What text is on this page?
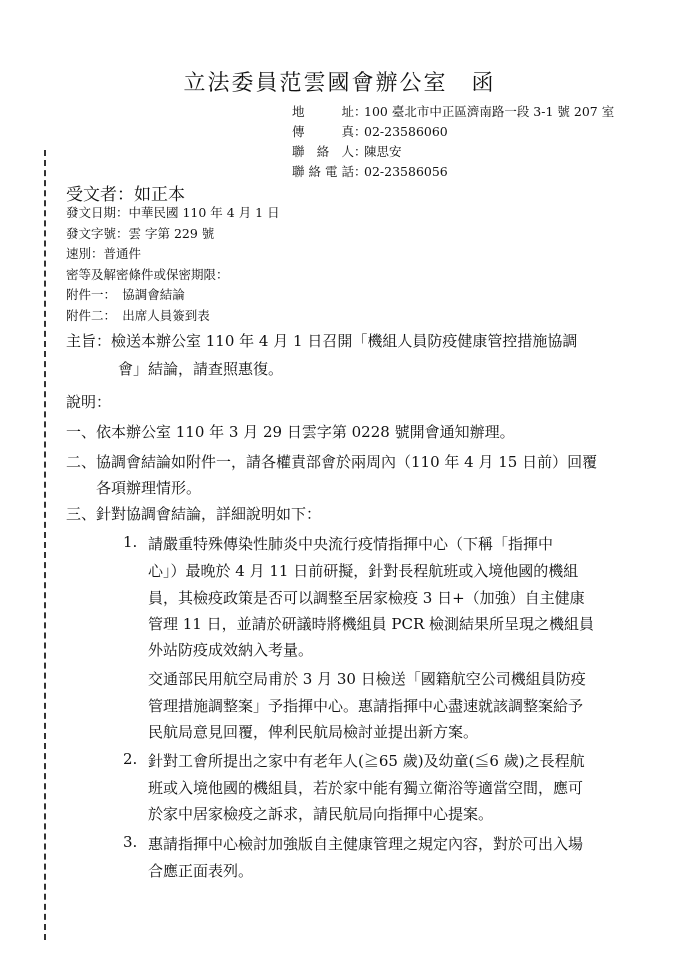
立法委員范雲國會辦公室　函
地址 ：
100 臺北市中正區濟南路一段 3-1 號 207 室
傳真 ：
02-23586060
聯絡人 ：
陳思安
聯絡電話 ：
02-23586056
受文者：如正本
發文日期：中華民國 110 年 4 月 1 日
發文字號：雲 字第 229 號
速別：普通件
密等及解密條件或保密期限：
附件一：　協調會結論
附件二：　出席人員簽到表
主旨：檢送本辦公室 110 年 4 月 1 日召開「機組人員防疫健康管控措施協調
會」結論，請查照惠復。
說明：
一、依本辦公室 110 年 3 月 29 日雲字第 0228 號開會通知辦理。
二、協調會結論如附件一，請各權責部會於兩周內（110 年 4 月 15 日前）回覆
各項辦理情形。
三、針對協調會結論，詳細說明如下：
1. 請嚴重特殊傳染性肺炎中央流行疫情指揮中心（下稱「指揮中
心」）最晚於 4 月 11 日前研擬，針對長程航班或入境他國的機組
員，其檢疫政策是否可以調整至居家檢疫 3 日+（加強）自主健康
管理 11 日，並請於研議時將機組員 PCR 檢測結果所呈現之機組員
外站防疫成效納入考量。
交通部民用航空局甫於 3 月 30 日檢送「國籍航空公司機組員防疫
管理措施調整案」予指揮中心。惠請指揮中心盡速就該調整案給予
民航局意見回覆，俾利民航局檢討並提出新方案。
2. 針對工會所提出之家中有老年人(≧65 歲)及幼童(≦6 歲)之長程航
班或入境他國的機組員，若於家中能有獨立衛浴等適當空間，應可
於家中居家檢疫之訴求，請民航局向指揮中心提案。
3. 惠請指揮中心檢討加強版自主健康管理之規定內容，對於可出入場
合應正面表列。
